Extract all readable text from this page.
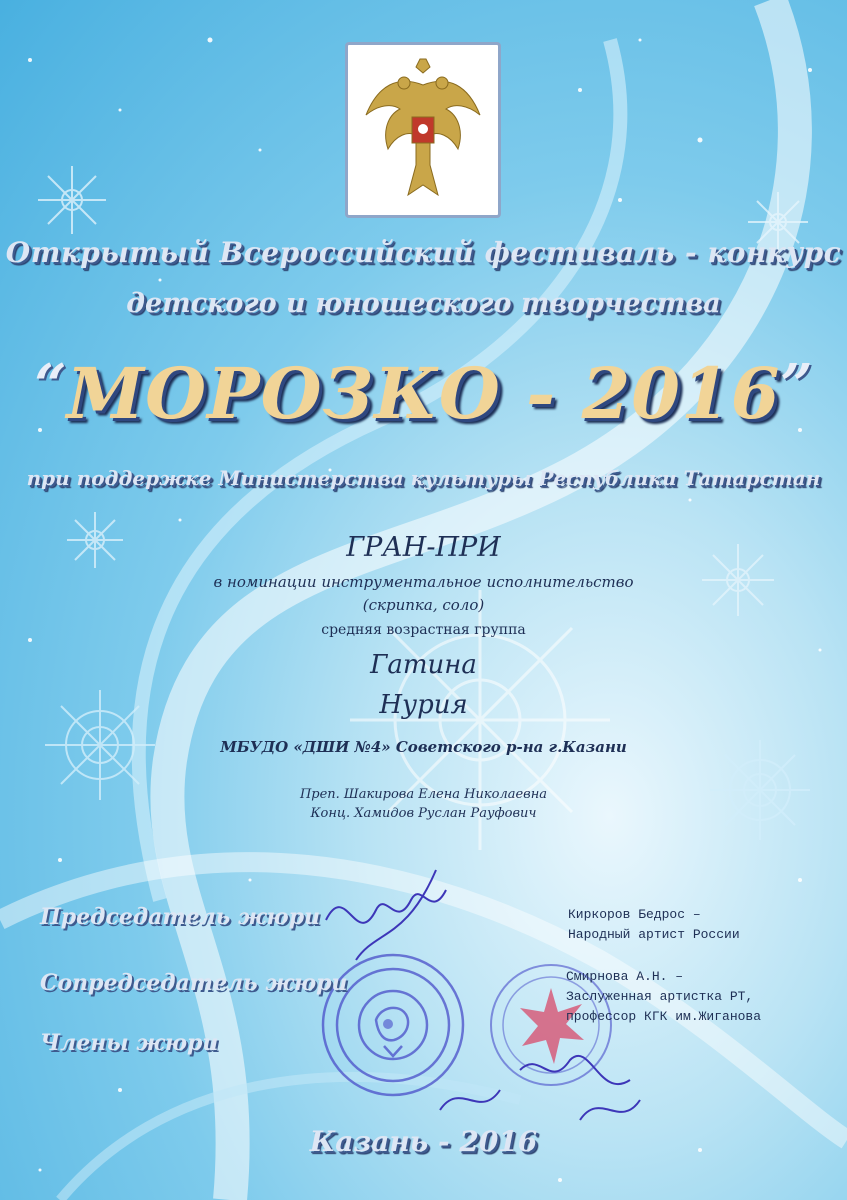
Открытый Всероссийский фестиваль - конкурс

детского и юношеского творчества

“МОРОЗКО - 2016”

при поддержке Министерства культуры Республики Татарстан

ГРАН-ПРИ

в номинации инструментальное исполнительство

(скрипка, соло)

средняя возрастная группа

Гатина

Нурия

МБУДО «ДШИ №4» Советского р-на г.Казани

Преп. Шакирова Елена Николаевна

Конц. Хамидов Руслан Рауфович

Председатель жюри

Сопредседатель жюри

Члены жюри

Киркоров Бедрос –

Народный артист России

Смирнова А.Н. –

Заслуженная артистка РТ,

профессор КГК им.Жиганова

Казань - 2016
